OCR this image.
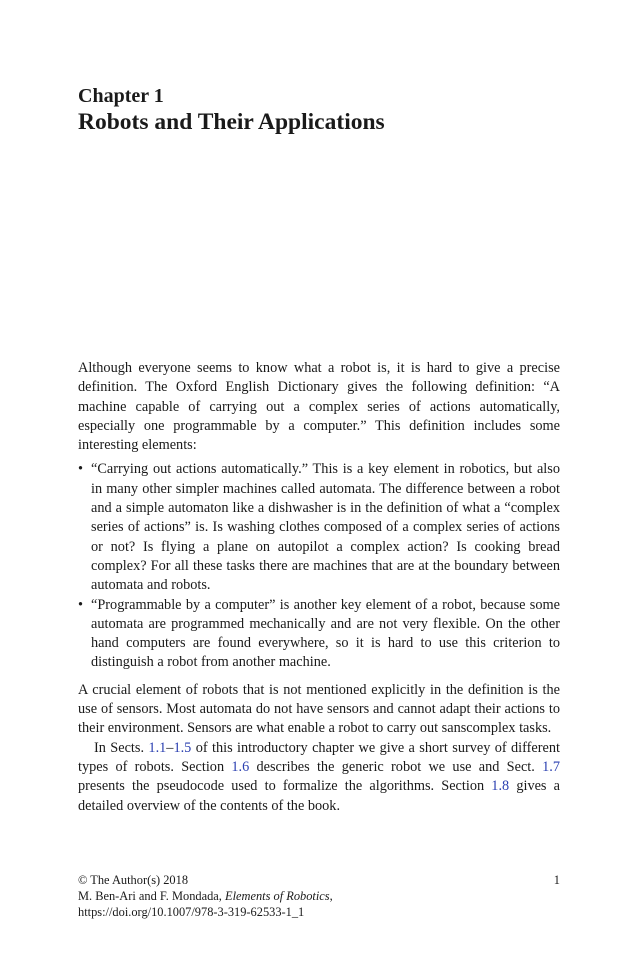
Chapter 1
Robots and Their Applications

Although everyone seems to know what a robot is, it is hard to give a precise definition. The Oxford English Dictionary gives the following definition: “A machine capable of carrying out a complex series of actions automatically, especially one programmable by a computer.” This definition includes some interesting elements:

• “Carrying out actions automatically.” This is a key element in robotics, but also in many other simpler machines called automata. The difference between a robot and a simple automaton like a dishwasher is in the definition of what a “complex series of actions” is. Is washing clothes composed of a complex series of actions or not? Is flying a plane on autopilot a complex action? Is cooking bread complex? For all these tasks there are machines that are at the boundary between automata and robots.
• “Programmable by a computer” is another key element of a robot, because some automata are programmed mechanically and are not very flexible. On the other hand computers are found everywhere, so it is hard to use this criterion to distinguish a robot from another machine.

A crucial element of robots that is not mentioned explicitly in the definition is the use of sensors. Most automata do not have sensors and cannot adapt their actions to their environment. Sensors are what enable a robot to carry out sanscomplex tasks.

In Sects. 1.1–1.5 of this introductory chapter we give a short survey of different types of robots. Section 1.6 describes the generic robot we use and Sect. 1.7 presents the pseudocode used to formalize the algorithms. Section 1.8 gives a detailed overview of the contents of the book.

© The Author(s) 2018
M. Ben-Ari and F. Mondada, Elements of Robotics,
https://doi.org/10.1007/978-3-319-62533-1_1
1
